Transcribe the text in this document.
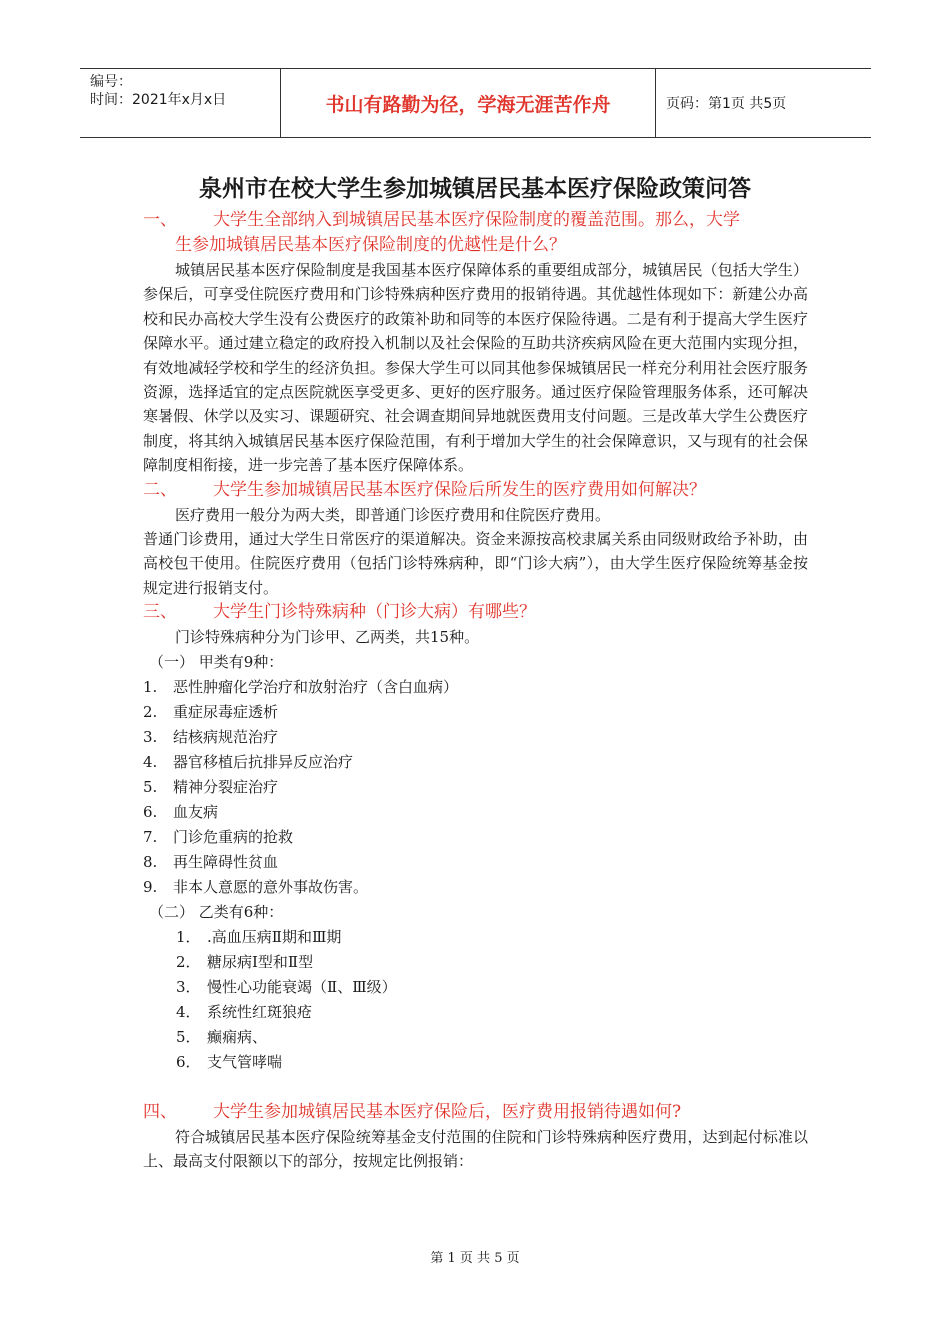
编号：
时间：2021年x月x日	书山有路勤为径，学海无涯苦作舟	页码：第1页 共5页
泉州市在校大学生参加城镇居民基本医疗保险政策问答
一、	大学生全部纳入到城镇居民基本医疗保险制度的覆盖范围。那么，大学
生参加城镇居民基本医疗保险制度的优越性是什么？

城镇居民基本医疗保险制度是我国基本医疗保障体系的重要组成部分，城镇居民（包括大学生）参保后，可享受住院医疗费用和门诊特殊病种医疗费用的报销待遇。其优越性体现如下：新建公办高校和民办高校大学生没有公费医疗的政策补助和同等的本医疗保险待遇。二是有利于提高大学生医疗保障水平。通过建立稳定的政府投入机制以及社会保险的互助共济疾病风险在更大范围内实现分担，有效地减轻学校和学生的经济负担。参保大学生可以同其他参保城镇居民一样充分利用社会医疗服务资源，选择适宜的定点医院就医享受更多、更好的医疗服务。通过医疗保险管理服务体系，还可解决寒暑假、休学以及实习、课题研究、社会调查期间异地就医费用支付问题。三是改革大学生公费医疗制度，将其纳入城镇居民基本医疗保险范围，有利于增加大学生的社会保障意识，又与现有的社会保障制度相衔接，进一步完善了基本医疗保障体系。

二、	大学生参加城镇居民基本医疗保险后所发生的医疗费用如何解决？

医疗费用一般分为两大类，即普通门诊医疗费用和住院医疗费用。

普通门诊费用，通过大学生日常医疗的渠道解决。资金来源按高校隶属关系由同级财政给予补助，由高校包干使用。住院医疗费用（包括门诊特殊病种，即“门诊大病”），由大学生医疗保险统筹基金按规定进行报销支付。

三、	大学生门诊特殊病种（门诊大病）有哪些？

门诊特殊病种分为门诊甲、乙两类，共15种。

（一） 甲类有9种：
1.	恶性肿瘤化学治疗和放射治疗（含白血病）
2.	重症尿毒症透析
3.	结核病规范治疗
4.	器官移植后抗排异反应治疗
5.	精神分裂症治疗
6.	血友病
7.	门诊危重病的抢救
8.	再生障碍性贫血
9.	非本人意愿的意外事故伤害。
（二） 乙类有6种：
1． .高血压病Ⅱ期和Ⅲ期
2． 糖尿病Ⅰ型和Ⅱ型
3． 慢性心功能衰竭（Ⅱ、Ⅲ级）
4． 系统性红斑狼疮
5． 癫痫病、
6． 支气管哮喘
四、	大学生参加城镇居民基本医疗保险后，医疗费用报销待遇如何?

符合城镇居民基本医疗保险统筹基金支付范围的住院和门诊特殊病种医疗费用，达到起付标准以上、最高支付限额以下的部分，按规定比例报销：

第 1 页 共 5 页
